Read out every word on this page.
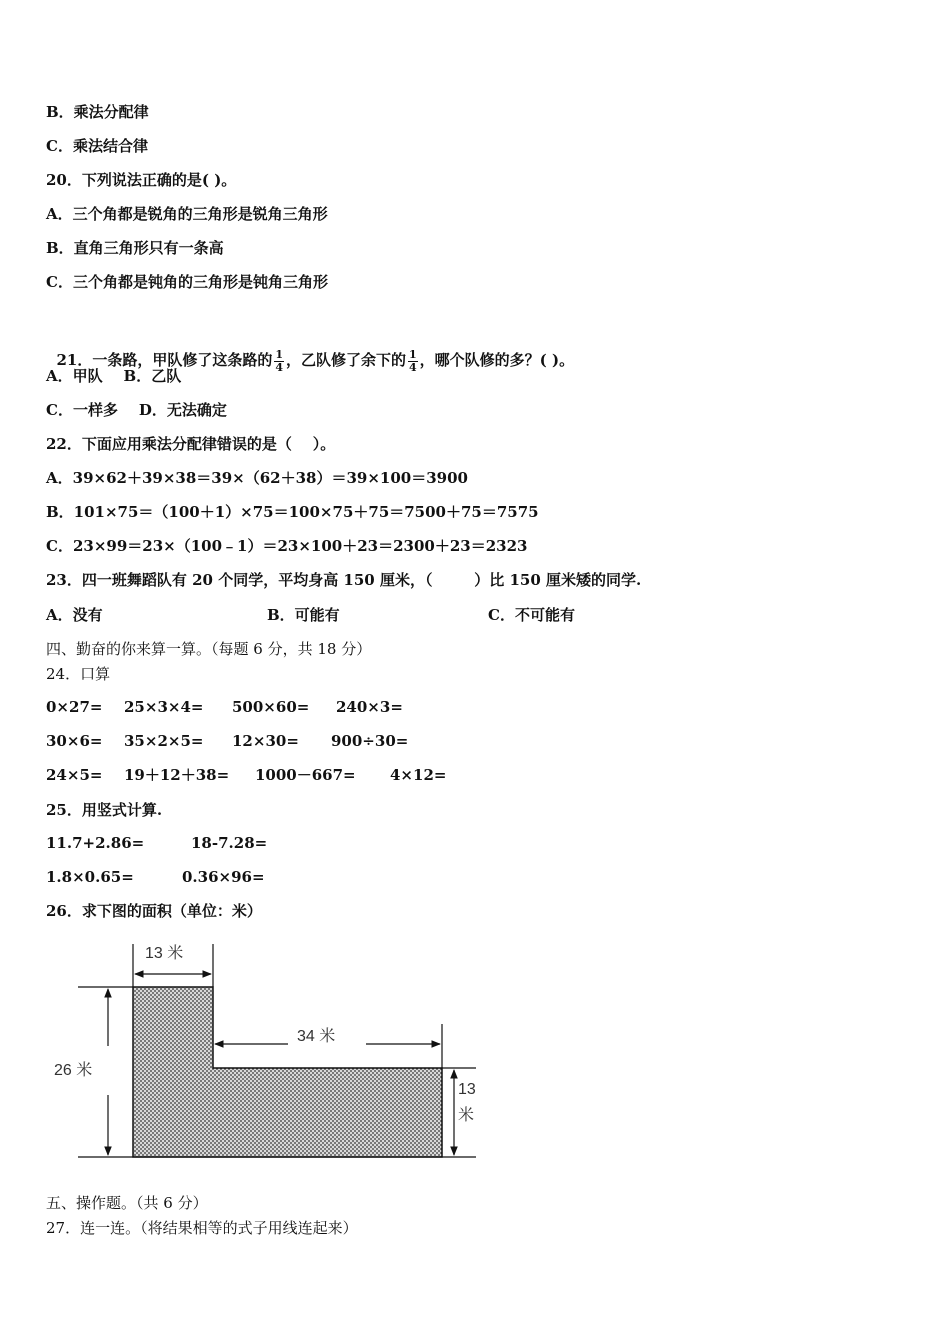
B．乘法分配律
C．乘法结合律
20．下列说法正确的是( )。
A．三个角都是锐角的三角形是锐角三角形
B．直角三角形只有一条高
C．三个角都是钝角的三角形是钝角三角形

21．一条路，甲队修了这条路的 $\frac{1}{4}$ ，乙队修了余下的 $\frac{1}{4}$ ，哪个队修的多？( )。

A．甲队    B．乙队
C．一样多    D．无法确定
22．下面应用乘法分配律错误的是（    ）。
A．39×62＋39×38＝39×（62＋38）＝39×100＝3900
B．101×75＝（100＋1）×75＝100×75＋75＝7500＋75＝7575
C．23×99＝23×（100﹣1）＝23×100＋23＝2300＋23＝2323
23．四一班舞蹈队有 20 个同学，平均身高 150 厘米，（        ）比 150 厘米矮的同学.
A．没有	B．可能有	C．不可能有
四、勤奋的你来算一算。（每题 6 分，共 18 分）
24．口算
0×27= 25×3×4= 500×60= 240×3=
30×6= 35×2×5= 12×30= 900÷30=
24×5= 19＋12＋38= 1000－667= 4×12=
25．用竖式计算.
11.7+2.86=	18-7.28=
1.8×0.65=	0.36×96=
26．求下图的面积（单位：米）
13 米
34 米
26 米
13
米
五、操作题。（共 6 分）
27．连一连。（将结果相等的式子用线连起来）
